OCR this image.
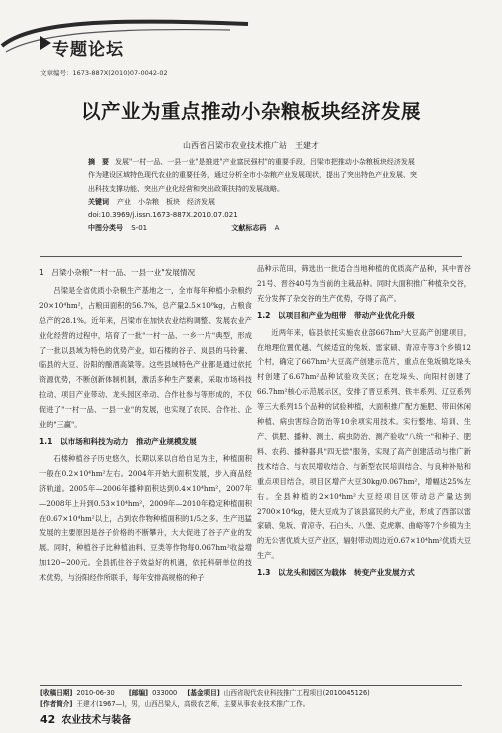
专题论坛
文章编号：1673-887X(2010)07-0042-02
以产业为重点推动小杂粮板块经济发展
山西省吕梁市农业技术推广站　王建才
摘　要 发展"一村一品、一县一业"是推进"产业富民强村"的重要手段，吕梁市把推动小杂粮板块经济发展作为建设区域特色现代农业的重要任务，通过分析全市小杂粮产业发展现状，提出了突出特色产业发展、突出科技支撑功能、突出产业化经营和突出政策扶持的发展战略。
关键词 产业　小杂粮　板块　经济发展
doi:10.3969/j.issn.1673-887X.2010.07.021
中图分类号 S-01	文献标志码 A
1　吕梁小杂粮"一村一品、一县一业"发展情况

吕梁是全省优质小杂粮生产基地之一，全市每年种植小杂粮约20×10⁴hm²，占粮田面积的56.7%，总产量2.5×10⁸kg，占粮食总产的28.1%。近年来，吕梁市在加快农业结构调整、发展农业产业化经营的过程中，培育了一批"一村一品、一乡一片"典型，形成了一批以县域为特色的优势产业，如石楼的谷子、岚县的马铃薯、临县的大豆、汾阳的酿酒高粱等。这些县域特色产业都是通过依托资源优势，不断创新体制机制，激活多种生产要素，采取市场科技拉动、项目产业带动、龙头园区牵动、合作社参与等形成的，不仅促进了"一村一品、一县一业"的发展，也实现了农民、合作社、企业的"三赢"。

1.1　以市场和科技为动力　推动产业规模发展

石楼种植谷子历史悠久，长期以来以自给自足为主，种植面积一般在0.2×10⁴hm²左右。2004年开始大面积发展，步入商品经济轨道。2005年—2006年播种面积达到0.4×10⁴hm²，2007年—2008年上升到0.53×10⁴hm²，2009年—2010年稳定种植面积在0.67×10⁴hm²以上，占到农作物种植面积的1/5之多。生产迅猛发展的主要原因是谷子价格的不断攀升，大大促进了谷子产业的发展。同时，种植谷子比种植油料、豆类等作物每0.067hm²收益增加120~200元。全县抓住谷子效益好的机遇，依托科研单位的技术优势，与汾阳经作所联手，每年安排高规格的种子

品种示范田，筛选出一批适合当地种植的优质高产品种，其中晋谷21号、晋谷40号为当前的主栽品种。同时大面积推广种植杂交谷，充分发挥了杂交谷的生产优势，夺得了高产。

1.2　以项目和产业为纽带　带动产业优化升级

近两年来，临县依托实施农业部667hm²大豆高产创建项目，在地理位置优越、气候适宜的兔坂、雷家碛、青凉寺等3个乡镇12个村，确定了667hm²大豆高产创建示范片，重点在兔坂镇圪垛头村创建了6.67hm²品种试验攻关区；在圪垛头、向阳村创建了66.7hm²核心示范展示区，安排了晋豆系列、铁丰系列、辽豆系列等三大系列15个品种的试验种植，大面积推广配方施肥、带田休闲种植、病虫害综合防治等10余项实用技术。实行整地、培训、生产、供肥、播种、测土、病虫防治、测产验收"八统一"和种子、肥料、农药、播种器具"四无偿"服务，实现了高产创建活动与推广新技术结合、与农民增收结合、与新型农民培训结合、与良种补贴和重点项目结合，项目区增产大豆30kg/0.067hm²，增幅达25%左右。全县种植的2×10⁴hm²大豆经项目区带动总产量达到2700×10⁴kg，使大豆成为了该县富民的大产业，形成了西部以雷家碛、兔坂、青凉寺、石白头、八堡、克虎寨、曲峪等7个乡镇为主的无公害优质大豆产业区，辐射带动周边近0.67×10⁴hm²优质大豆生产。

1.3　以龙头和园区为载体　转变产业发展方式
[收稿日期] 2010-06-30 [邮编] 033000 [基金项目] 山西省现代农业科技推广工程项目(2010045126)
[作者简介] 王建才(1967—)，男，山西吕梁人，高级农艺师，主要从事农业技术推广工作。
42 农业技术与装备
